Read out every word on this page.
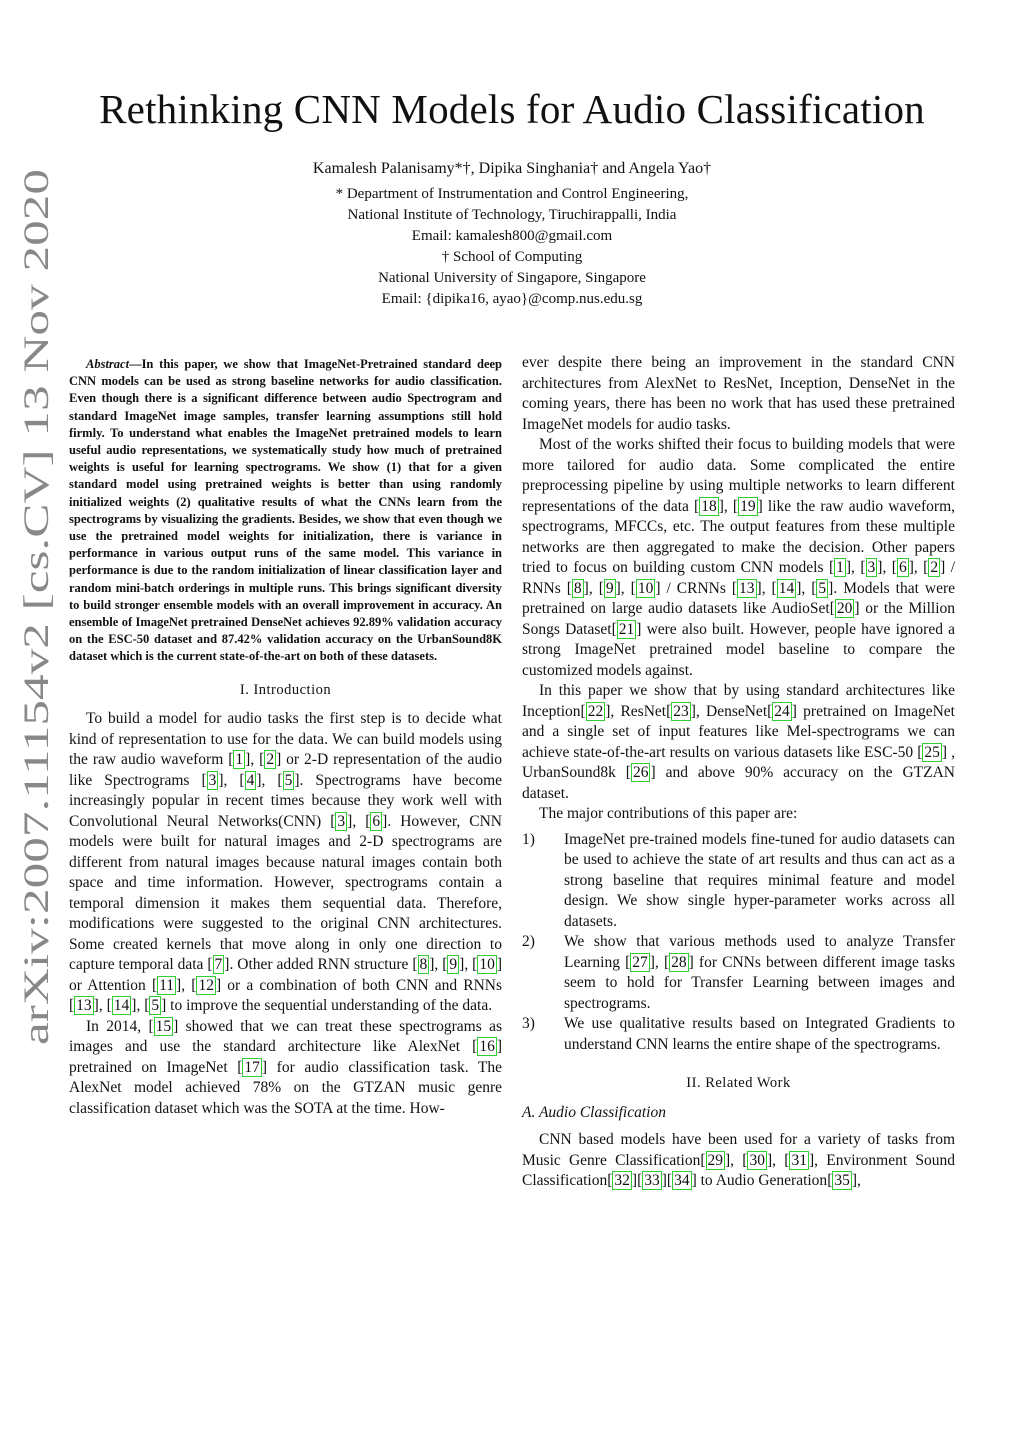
arXiv:2007.11154v2 [cs.CV] 13 Nov 2020
Rethinking CNN Models for Audio Classification
Kamalesh Palanisamy*†, Dipika Singhania† and Angela Yao†
* Department of Instrumentation and Control Engineering,
National Institute of Technology, Tiruchirappalli, India
Email: kamalesh800@gmail.com
† School of Computing
National University of Singapore, Singapore
Email: {dipika16, ayao}@comp.nus.edu.sg

Abstract—In this paper, we show that ImageNet-Pretrained standard deep CNN models can be used as strong baseline networks for audio classification. Even though there is a significant difference between audio Spectrogram and standard ImageNet image samples, transfer learning assumptions still hold firmly. To understand what enables the ImageNet pretrained models to learn useful audio representations, we systematically study how much of pretrained weights is useful for learning spectrograms. We show (1) that for a given standard model using pretrained weights is better than using randomly initialized weights (2) qualitative results of what the CNNs learn from the spectrograms by visualizing the gradients. Besides, we show that even though we use the pretrained model weights for initialization, there is variance in performance in various output runs of the same model. This variance in performance is due to the random initialization of linear classification layer and random mini-batch orderings in multiple runs. This brings significant diversity to build stronger ensemble models with an overall improvement in accuracy. An ensemble of ImageNet pretrained DenseNet achieves 92.89% validation accuracy on the ESC-50 dataset and 87.42% validation accuracy on the UrbanSound8K dataset which is the current state-of-the-art on both of these datasets.

I. Introduction

To build a model for audio tasks the first step is to decide what kind of representation to use for the data. We can build models using the raw audio waveform [ 1 ], [ 2 ] or 2-D representation of the audio like Spectrograms [ 3 ], [ 4 ], [ 5 ]. Spectrograms have become increasingly popular in recent times because they work well with Convolutional Neural Networks(CNN) [ 3 ], [ 6 ]. However, CNN models were built for natural images and 2-D spectrograms are different from natural images because natural images contain both space and time information. However, spectrograms contain a temporal dimension it makes them sequential data. Therefore, modifications were suggested to the original CNN architectures. Some created kernels that move along in only one direction to capture temporal data [ 7 ]. Other added RNN structure [ 8 ], [ 9 ], [ 10 ] or Attention [ 11 ], [ 12 ] or a combination of both CNN and RNNs [ 13 ], [ 14 ], [ 5 ] to improve the sequential understanding of the data.

In 2014, [ 15 ] showed that we can treat these spectrograms as images and use the standard architecture like AlexNet [ 16 ] pretrained on ImageNet [ 17 ] for audio classification task. The AlexNet model achieved 78% on the GTZAN music genre classification dataset which was the SOTA at the time. How-

ever despite there being an improvement in the standard CNN architectures from AlexNet to ResNet, Inception, DenseNet in the coming years, there has been no work that has used these pretrained ImageNet models for audio tasks.

Most of the works shifted their focus to building models that were more tailored for audio data. Some complicated the entire preprocessing pipeline by using multiple networks to learn different representations of the data [ 18 ], [ 19 ] like the raw audio waveform, spectrograms, MFCCs, etc. The output features from these multiple networks are then aggregated to make the decision. Other papers tried to focus on building custom CNN models [ 1 ], [ 3 ], [ 6 ], [ 2 ] / RNNs [ 8 ], [ 9 ], [ 10 ] / CRNNs [ 13 ], [ 14 ], [ 5 ]. Models that were pretrained on large audio datasets like AudioSet[ 20 ] or the Million Songs Dataset[ 21 ] were also built. However, people have ignored a strong ImageNet pretrained model baseline to compare the customized models against.

In this paper we show that by using standard architectures like Inception[ 22 ], ResNet[ 23 ], DenseNet[ 24 ] pretrained on ImageNet and a single set of input features like Mel-spectrograms we can achieve state-of-the-art results on various datasets like ESC-50 [ 25 ] , UrbanSound8k [ 26 ] and above 90% accuracy on the GTZAN dataset.

The major contributions of this paper are:

1)	ImageNet pre-trained models fine-tuned for audio datasets can be used to achieve the state of art results and thus can act as a strong baseline that requires minimal feature and model design. We show single hyper-parameter works across all datasets.
2)	We show that various methods used to analyze Transfer Learning [ 27 ], [ 28 ] for CNNs between different image tasks seem to hold for Transfer Learning between images and spectrograms.
3)	We use qualitative results based on Integrated Gradients to understand CNN learns the entire shape of the spectrograms.
II. Related Work
A. Audio Classification

CNN based models have been used for a variety of tasks from Music Genre Classification[ 29 ], [ 30 ], [ 31 ], Environment Sound Classification[ 32 ][ 33 ][ 34 ] to Audio Generation[ 35 ],
